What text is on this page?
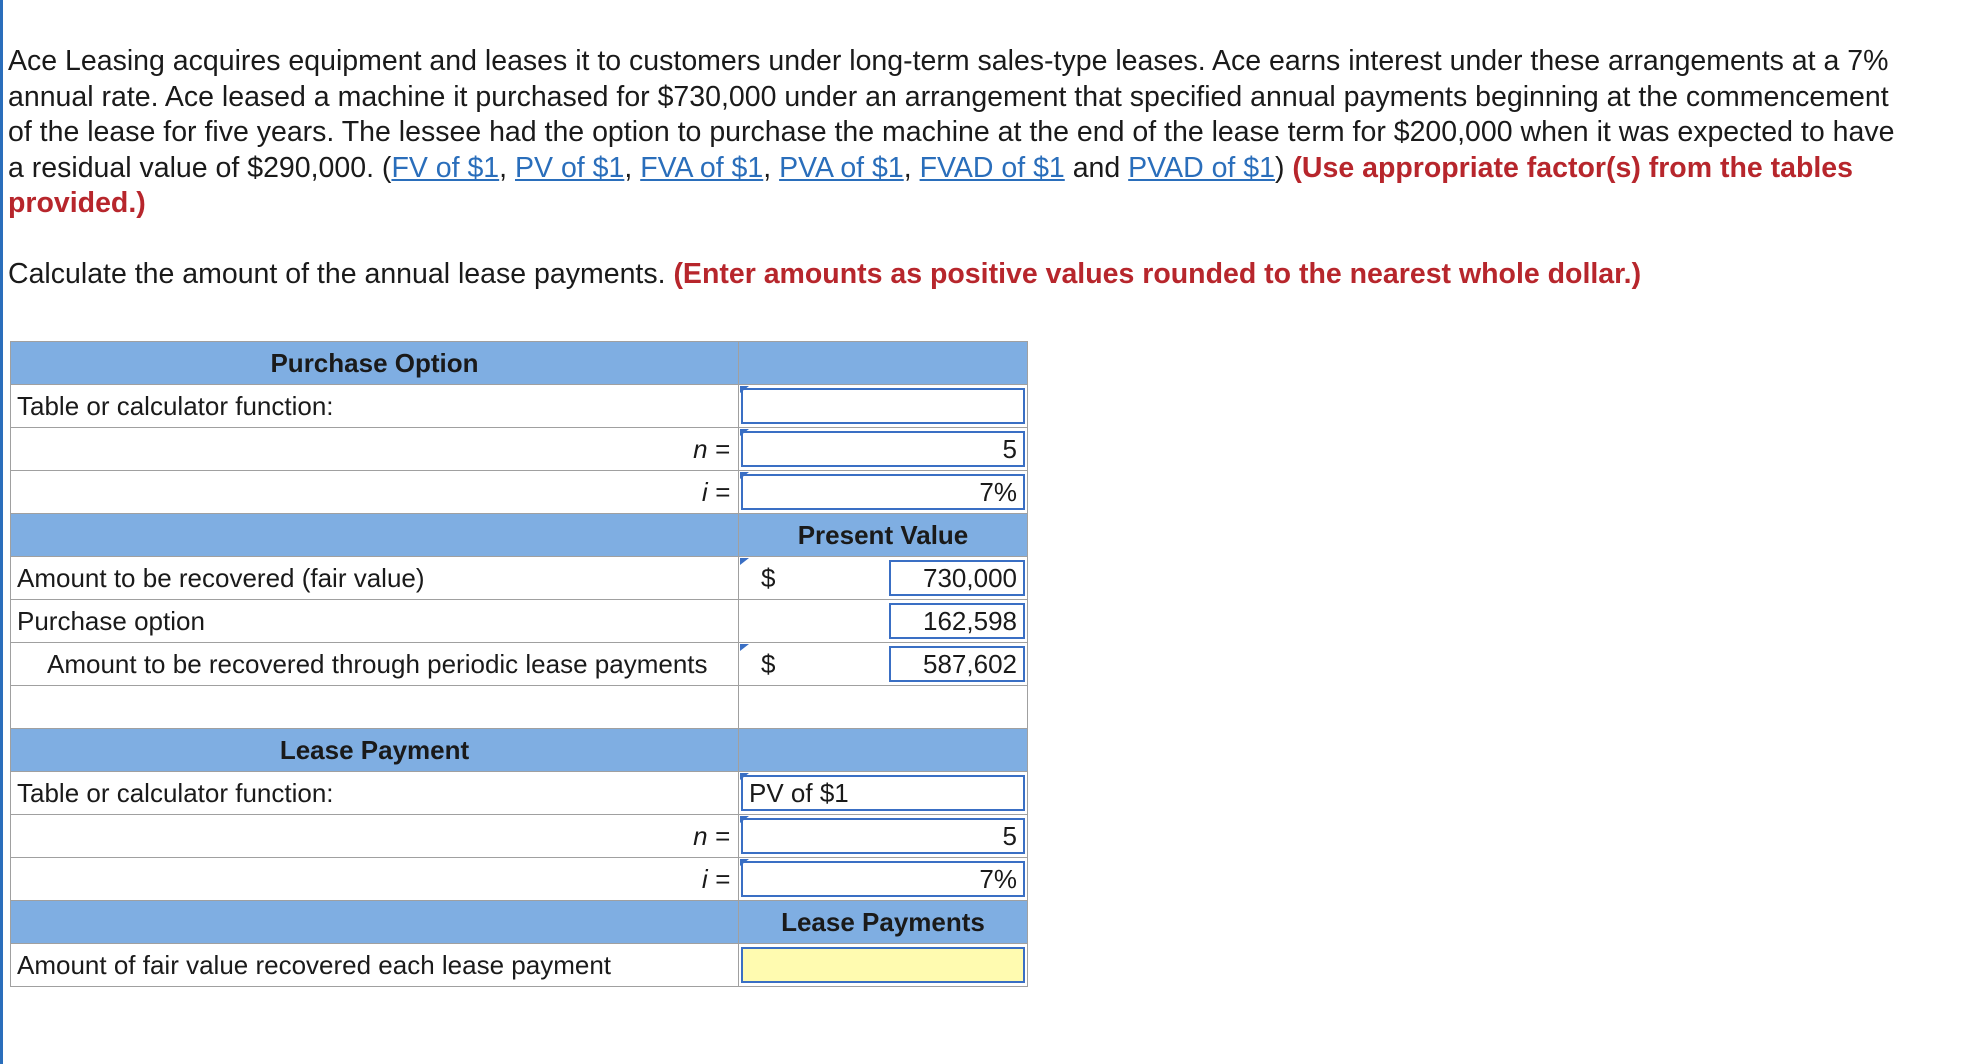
Ace Leasing acquires equipment and leases it to customers under long-term sales-type leases. Ace earns interest under these arrangements at a 7% annual rate. Ace leased a machine it purchased for $730,000 under an arrangement that specified annual payments beginning at the commencement of the lease for five years. The lessee had the option to purchase the machine at the end of the lease term for $200,000 when it was expected to have a residual value of $290,000. (FV of $1, PV of $1, FVA of $1, PVA of $1, FVAD of $1 and PVAD of $1) (Use appropriate factor(s) from the tables provided.)
Calculate the amount of the annual lease payments. (Enter amounts as positive values rounded to the nearest whole dollar.)
Purchase Option	
Table or calculator function:	

n =	5

i =	7%

	Present Value
Amount to be recovered (fair value)	$ 730,000

Purchase option	162,598

Amount to be recovered through periodic lease payments	$ 587,602

Lease Payment	
Table or calculator function:	PV of $1

n =	5

i =	7%

	Lease Payments
Amount of fair value recovered each lease payment	
